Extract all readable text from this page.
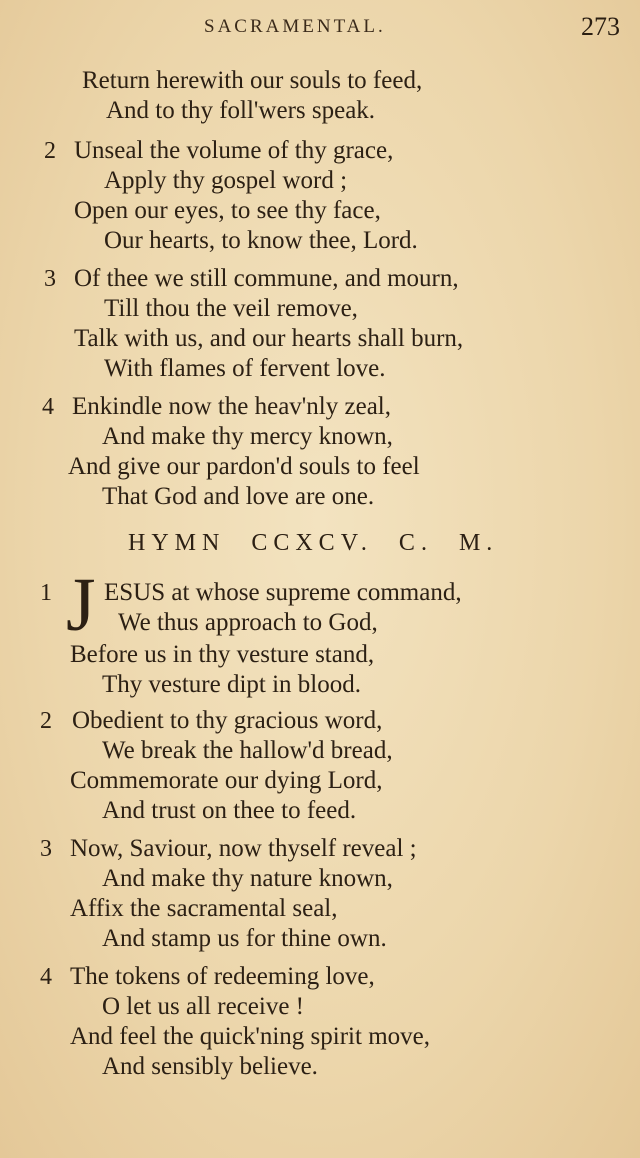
SACRAMENTAL.	273
Return herewith our souls to feed,
And to thy foll'wers speak.
2 Unseal the volume of thy grace,
Apply thy gospel word ;
Open our eyes, to see thy face,
Our hearts, to know thee, Lord.
3 Of thee we still commune, and mourn,
Till thou the veil remove,
Talk with us, and our hearts shall burn,
With flames of fervent love.
4 Enkindle now the heav'nly zeal,
And make thy mercy known,
And give our pardon'd souls to feel
That God and love are one.
HYMN CCXCV. C. M.
1 J ESUS at whose supreme command,
We thus approach to God,
Before us in thy vesture stand,
Thy vesture dipt in blood.
2 Obedient to thy gracious word,
We break the hallow'd bread,
Commemorate our dying Lord,
And trust on thee to feed.
3 Now, Saviour, now thyself reveal ;
And make thy nature known,
Affix the sacramental seal,
And stamp us for thine own.
4 The tokens of redeeming love,
O let us all receive !
And feel the quick'ning spirit move,
And sensibly believe.
